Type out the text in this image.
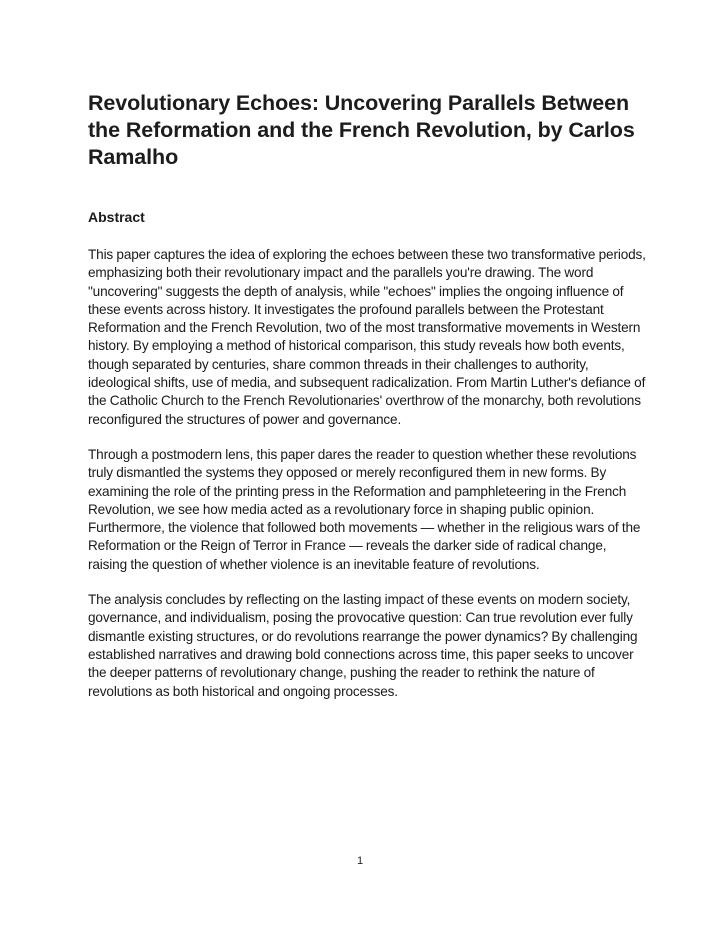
Revolutionary Echoes: Uncovering Parallels Between the Reformation and the French Revolution, by Carlos Ramalho
Abstract

This paper captures the idea of exploring the echoes between these two transformative periods, emphasizing both their revolutionary impact and the parallels you're drawing. The word "uncovering" suggests the depth of analysis, while "echoes" implies the ongoing influence of these events across history. It investigates the profound parallels between the Protestant Reformation and the French Revolution, two of the most transformative movements in Western history. By employing a method of historical comparison, this study reveals how both events, though separated by centuries, share common threads in their challenges to authority, ideological shifts, use of media, and subsequent radicalization. From Martin Luther's defiance of the Catholic Church to the French Revolutionaries' overthrow of the monarchy, both revolutions reconfigured the structures of power and governance.

Through a postmodern lens, this paper dares the reader to question whether these revolutions truly dismantled the systems they opposed or merely reconfigured them in new forms. By examining the role of the printing press in the Reformation and pamphleteering in the French Revolution, we see how media acted as a revolutionary force in shaping public opinion. Furthermore, the violence that followed both movements — whether in the religious wars of the Reformation or the Reign of Terror in France — reveals the darker side of radical change, raising the question of whether violence is an inevitable feature of revolutions.

The analysis concludes by reflecting on the lasting impact of these events on modern society, governance, and individualism, posing the provocative question: Can true revolution ever fully dismantle existing structures, or do revolutions rearrange the power dynamics? By challenging established narratives and drawing bold connections across time, this paper seeks to uncover the deeper patterns of revolutionary change, pushing the reader to rethink the nature of revolutions as both historical and ongoing processes.

1
